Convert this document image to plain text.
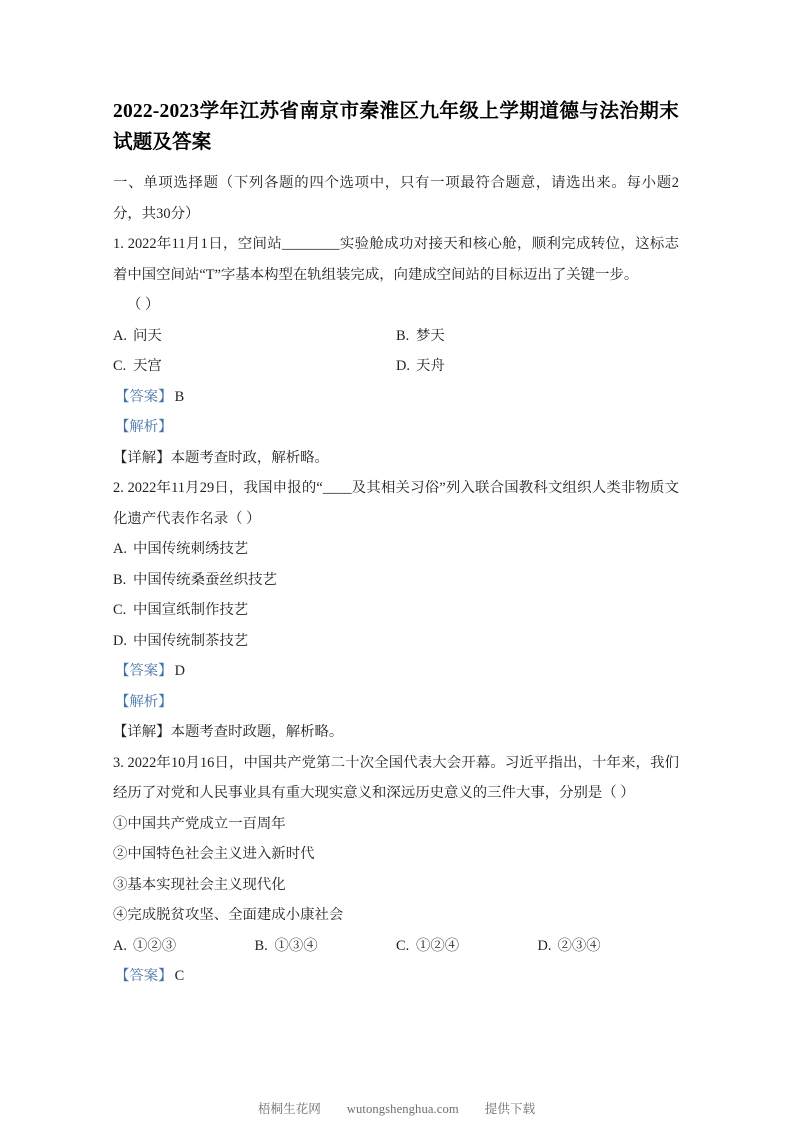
2022-2023学年江苏省南京市秦淮区九年级上学期道德与法治期末试题及答案

一、单项选择题（下列各题的四个选项中，只有一项最符合题意，请选出来。每小题2分，共30分）

1. 2022年11月1日，空间站________实验舱成功对接天和核心舱，顺利完成转位，这标志着中国空间站“T”字基本构型在轨组装完成，向建成空间站的目标迈出了关键一步。

（ ）

A. 问天	B. 梦天
C. 天宫	D. 天舟
【答案】 B
【解析】
【详解】本题考查时政，解析略。

2. 2022年11月29日，我国申报的“____及其相关习俗”列入联合国教科文组织人类非物质文化遗产代表作名录（ ）

A. 中国传统刺绣技艺
B. 中国传统桑蚕丝织技艺
C. 中国宣纸制作技艺
D. 中国传统制茶技艺
【答案】 D
【解析】
【详解】本题考查时政题，解析略。

3. 2022年10月16日，中国共产党第二十次全国代表大会开幕。习近平指出，十年来，我们经历了对党和人民事业具有重大现实意义和深远历史意义的三件大事，分别是（ ）

①中国共产党成立一百周年
②中国特色社会主义进入新时代
③基本实现社会主义现代化
④完成脱贫攻坚、全面建成小康社会
A. ①②③	B. ①③④	C. ①②④	D. ②③④
【答案】 C
梧桐生花网 wutongshenghua.com 提供下载
